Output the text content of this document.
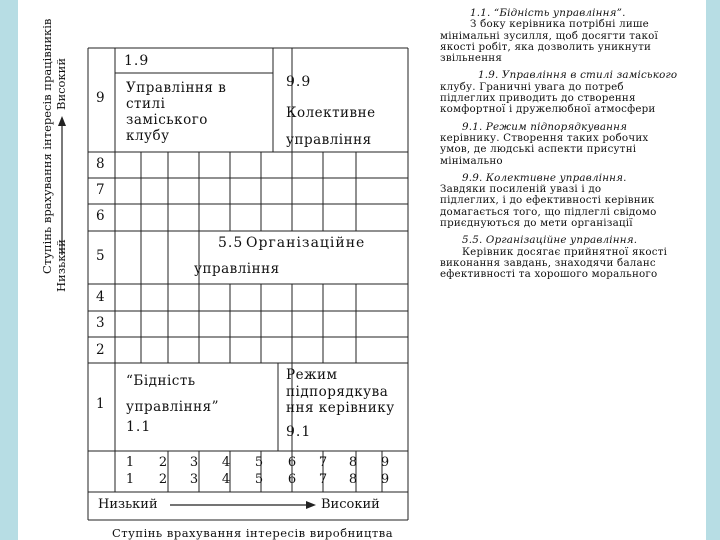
Ступінь врахування інтересів працівників Низький
Високий 9
8
7
6
5
4
3
2
1
1.9
Управління в
стилі
заміського
клубу
9.9
Колективне
управління
5.5 Організаційне
управління
“Бідність
управління”
1.1
Режим
підпорядкува
ння керівнику
9.1
1
1
2
2
3
3
4
4
5
5
6
6
7
7
8
8
9
9
Низький	Високий
Ступінь врахування інтересів виробництва

1.1. “Бідність управління”.
З боку керівника потрібні лише
мінімальні зусилля, щоб досягти такої
якості робіт, яка дозволить уникнути
звільнення

1.9. Управління в стилі заміського
клубу. Граничні увага до потреб
підлеглих приводить до створення
комфортної і дружелюбної атмосфери

9.1. Режим підпорядкування
керівнику. Створення таких робочих
умов, де людські аспекти присутні
мінімально

9.9. Колективне управління.
Завдяки посиленій увазі і до
підлеглих, і до ефективності керівник
домагається того, що підлеглі свідомо
приєднуються до мети організації

5.5. Організаційне управління.
Керівник досягає прийнятної якості
виконання завдань, знаходячи баланс
ефективності та хорошого морального
